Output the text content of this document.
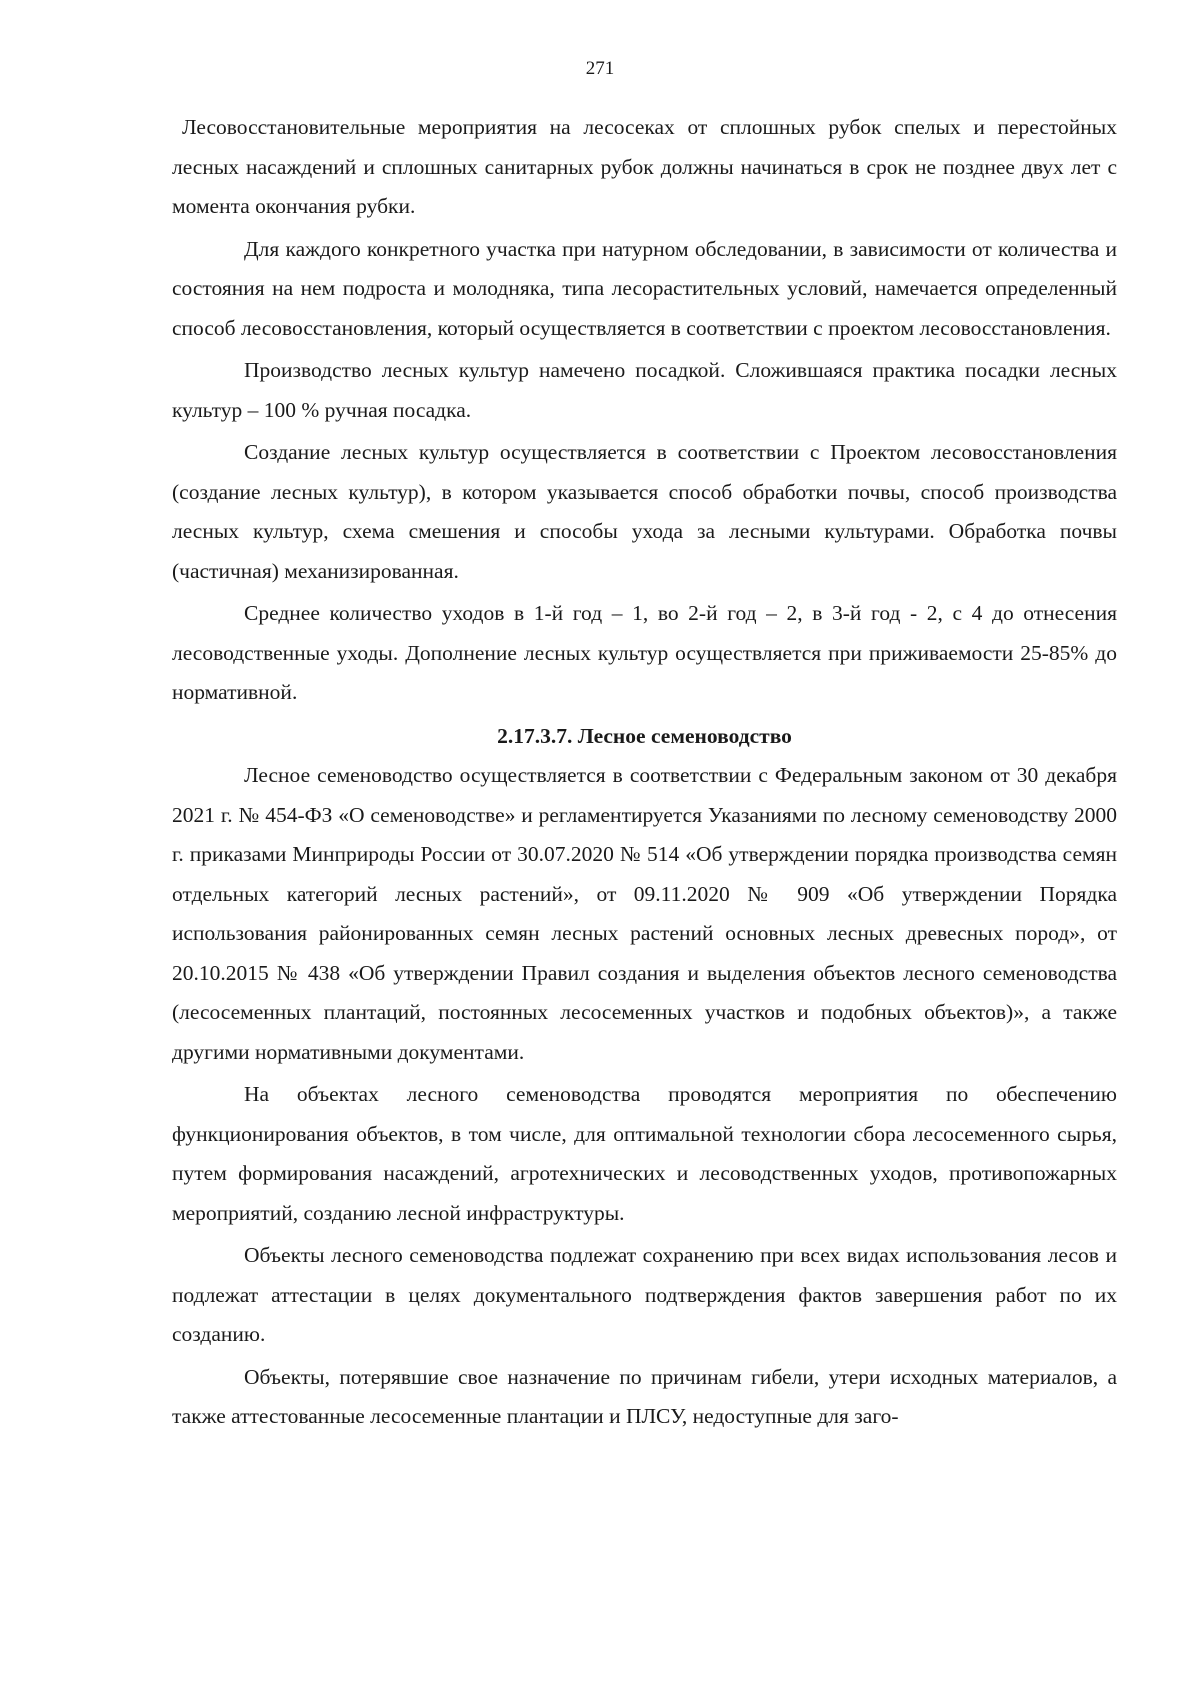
271

Лесовосстановительные мероприятия на лесосеках от сплошных рубок спелых и перестойных лесных насаждений и сплошных санитарных рубок должны начинаться в срок не позднее двух лет с момента окончания рубки.

Для каждого конкретного участка при натурном обследовании, в зависимости от количества и состояния на нем подроста и молодняка, типа лесорастительных условий, намечается определенный способ лесовосстановления, который осуществляется в соответствии с проектом лесовосстановления.

Производство лесных культур намечено посадкой. Сложившаяся практика посадки лесных культур – 100 % ручная посадка.

Создание лесных культур осуществляется в соответствии с Проектом лесовосстановления (создание лесных культур), в котором указывается способ обработки почвы, способ производства лесных культур, схема смешения и способы ухода за лесными культурами. Обработка почвы (частичная) механизированная.

Среднее количество уходов в 1-й год – 1, во 2-й год – 2, в 3-й год - 2, с 4 до отнесения лесоводственные уходы. Дополнение лесных культур осуществляется при приживаемости 25-85% до нормативной.

2.17.3.7. Лесное семеноводство

Лесное семеноводство осуществляется в соответствии с Федеральным законом от 30 декабря 2021 г. № 454-ФЗ «О семеноводстве» и регламентируется Указаниями по лесному семеноводству 2000 г. приказами Минприроды России от 30.07.2020 № 514 «Об утверждении порядка производства семян отдельных категорий лесных растений», от 09.11.2020 № 909 «Об утверждении Порядка использования районированных семян лесных растений основных лесных древесных пород», от 20.10.2015 № 438 «Об утверждении Правил создания и выделения объектов лесного семеноводства (лесосеменных плантаций, постоянных лесосеменных участков и подобных объектов)», а также другими нормативными документами.

На объектах лесного семеноводства проводятся мероприятия по обеспечению функционирования объектов, в том числе, для оптимальной технологии сбора лесосеменного сырья, путем формирования насаждений, агротехнических и лесоводственных уходов, противопожарных мероприятий, созданию лесной инфраструктуры.

Объекты лесного семеноводства подлежат сохранению при всех видах использования лесов и подлежат аттестации в целях документального подтверждения фактов завершения работ по их созданию.

Объекты, потерявшие свое назначение по причинам гибели, утери исходных материалов, а также аттестованные лесосеменные плантации и ПЛСУ, недоступные для заго-
